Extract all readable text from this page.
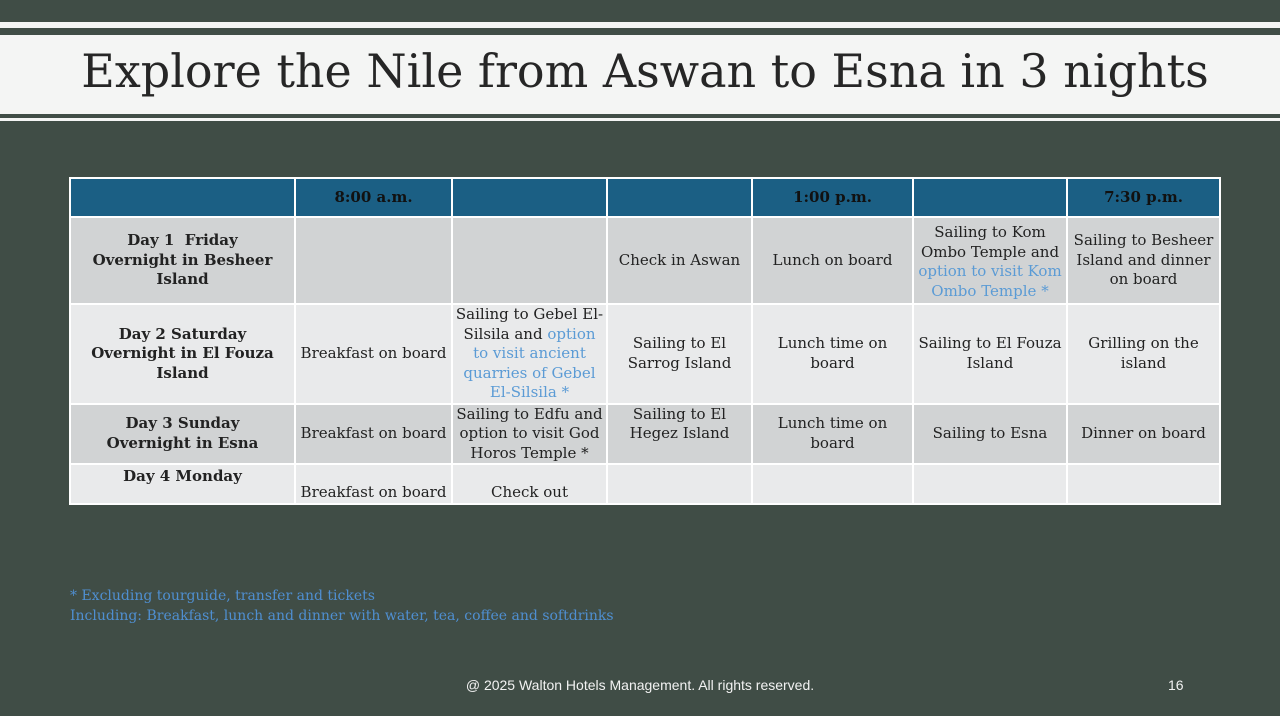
Explore the Nile from Aswan to Esna in 3 nights
	8:00 a.m.			1:00 p.m.		7:30 p.m.

Day 1  Friday
Overnight in Besheer Island			Check in Aswan	Lunch on board	Sailing to Kom Ombo Temple and option to visit Kom Ombo Temple *	Sailing to Besheer Island and dinner on board

Day 2 Saturday
Overnight in El Fouza Island	Breakfast on board	Sailing to Gebel El-Silsila and option to visit ancient quarries of Gebel El-Silsila *	Sailing to El Sarrog Island	Lunch time on board	Sailing to El Fouza Island	Grilling on the island

Day 3 Sunday
Overnight in Esna	Breakfast on board	Sailing to Edfu and option to visit God Horos Temple *	Sailing to El Hegez Island	Lunch time on board	Sailing to Esna	Dinner on board

Day 4 Monday	Breakfast on board	Check out				
* Excluding tourguide, transfer and tickets
Including: Breakfast, lunch and dinner with water, tea, coffee and softdrinks
@ 2025 Walton Hotels Management. All rights reserved.	16
